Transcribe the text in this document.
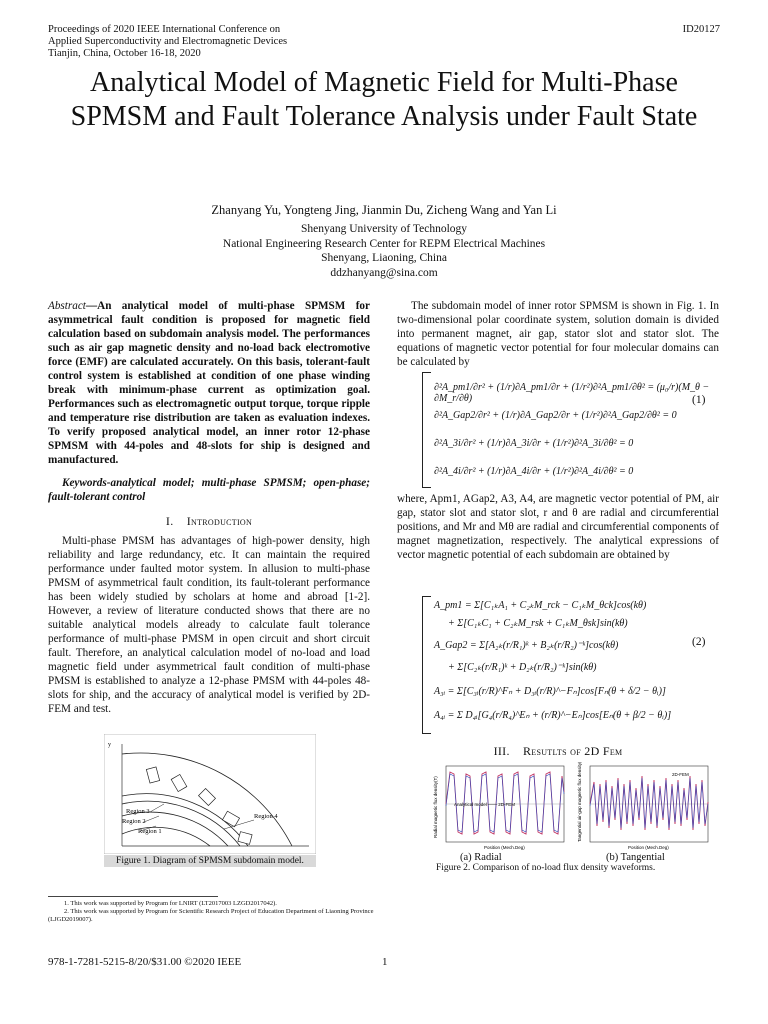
Proceedings of 2020 IEEE International Conference on
Applied Superconductivity and Electromagnetic Devices
Tianjin, China, October 16-18, 2020
ID20127
Analytical Model of Magnetic Field for Multi-Phase SPMSM and Fault Tolerance Analysis under Fault State
Zhanyang Yu, Yongteng Jing, Jianmin Du, Zicheng Wang and Yan Li
Shenyang University of Technology
National Engineering Research Center for REPM Electrical Machines
Shenyang, Liaoning, China
ddzhanyang@sina.com

Abstract—An analytical model of multi-phase SPMSM for asymmetrical fault condition is proposed for magnetic field calculation based on subdomain analysis model. The performances such as air gap magnetic density and no-load back electromotive force (EMF) are calculated accurately. On this basis, tolerant-fault control system is established at condition of one phase winding break with minimum-phase current as optimization goal. Performances such as electromagnetic output torque, torque ripple and temperature rise distribution are taken as evaluation indexes. To verify proposed analytical model, an inner rotor 12-phase SPMSM with 44-poles and 48-slots for ship is designed and manufactured.

Keywords-analytical model; multi-phase SPMSM; open-phase; fault-tolerant control

I. Introduction

Multi-phase PMSM has advantages of high-power density, high reliability and large redundancy, etc. It can maintain the required performance under faulted motor system. In allusion to multi-phase PMSM of asymmetrical fault condition, its fault-tolerant performance has been widely studied by scholars at home and abroad [1-2]. However, a review of literature conducted shows that there are no suitable analytical models already to calculate fault tolerance performance of multi-phase PMSM in open circuit and short circuit fault. Therefore, an analytical calculation model of no-load and load magnetic field under asymmetrical fault condition of multi-phase PMSM is established to analyze a 12-phase PMSM with 44-poles 48-slots for ship, and the accuracy of analytical model is verified by 2D-FEM and test.

y
Region 3
Region 2
Region 1
Region 4
Figure 1. Diagram of SPMSM subdomain model.

The subdomain model of inner rotor SPMSM is shown in Fig. 1. In two-dimensional polar coordinate system, solution domain is divided into permanent magnet, air gap, stator slot and stator slot. The equations of magnetic vector potential for four molecular domains can be calculated by

∂²A_pm1/∂r² + (1/r)∂A_pm1/∂r + (1/r²)∂²A_pm1/∂θ² = (μ₀/r)(M_θ − ∂M_r/∂θ)
∂²A_Gap2/∂r² + (1/r)∂A_Gap2/∂r + (1/r²)∂²A_Gap2/∂θ² = 0
∂²A_3i/∂r² + (1/r)∂A_3i/∂r + (1/r²)∂²A_3i/∂θ² = 0
∂²A_4i/∂r² + (1/r)∂A_4i/∂r + (1/r²)∂²A_4i/∂θ² = 0
(1)

where, Apm1, AGap2, A3, A4, are magnetic vector potential of PM, air gap, stator slot and stator slot, r and θ are radial and circumferential positions, and Mr and Mθ are radial and circumferential components of magnet magnetization, respectively. The analytical expressions of vector magnetic potential of each subdomain are obtained by

A_pm1 = Σ[C₁ₖA₁ + C₂ₖM_rck − C₁ₖM_θck]cos(kθ)
+ Σ[C₁ₖC₁ + C₂ₖM_rsk + C₁ₖM_θsk]sin(kθ)
A_Gap2 = Σ[A₂ₖ(r/R₁)ᵏ + B₂ₖ(r/R₂)⁻ᵏ]cos(kθ)
+ Σ[C₂ₖ(r/R₁)ᵏ + D₂ₖ(r/R₂)⁻ᵏ]sin(kθ)
A₃ᵢ = Σ[C₃ᵢ(r/R)^Fₙ + D₃ᵢ(r/R)^−Fₙ]cos[Fₙ(θ + δ/2 − θᵢ)]
A₄ᵢ = Σ D₄ᵢ[G₄(r/R₄)^Eₙ + (r/R)^−Eₙ]cos[Eₙ(θ + β/2 − θᵢ)]
(2)
III. Resutlts of 2D Fem
Analytical model —— 2D-FEM
Radial magnetic flux density(T)
Position (Mech.Deg)
2D-FEM
Tangential air-gap magnetic flux density(T)
Position (Mech.Deg)
(a) Radial	(b) Tangential
Figure 2. Comparison of no-load flux density waveforms.
1. This work was supported by Program for LNIRT (LT2017003 LZGD2017042).
2. This work was supported by Program for Scientific Research Project of Education Department of Liaoning Province (LJGD2019007).
978-1-7281-5215-8/20/$31.00 ©2020 IEEE	1
